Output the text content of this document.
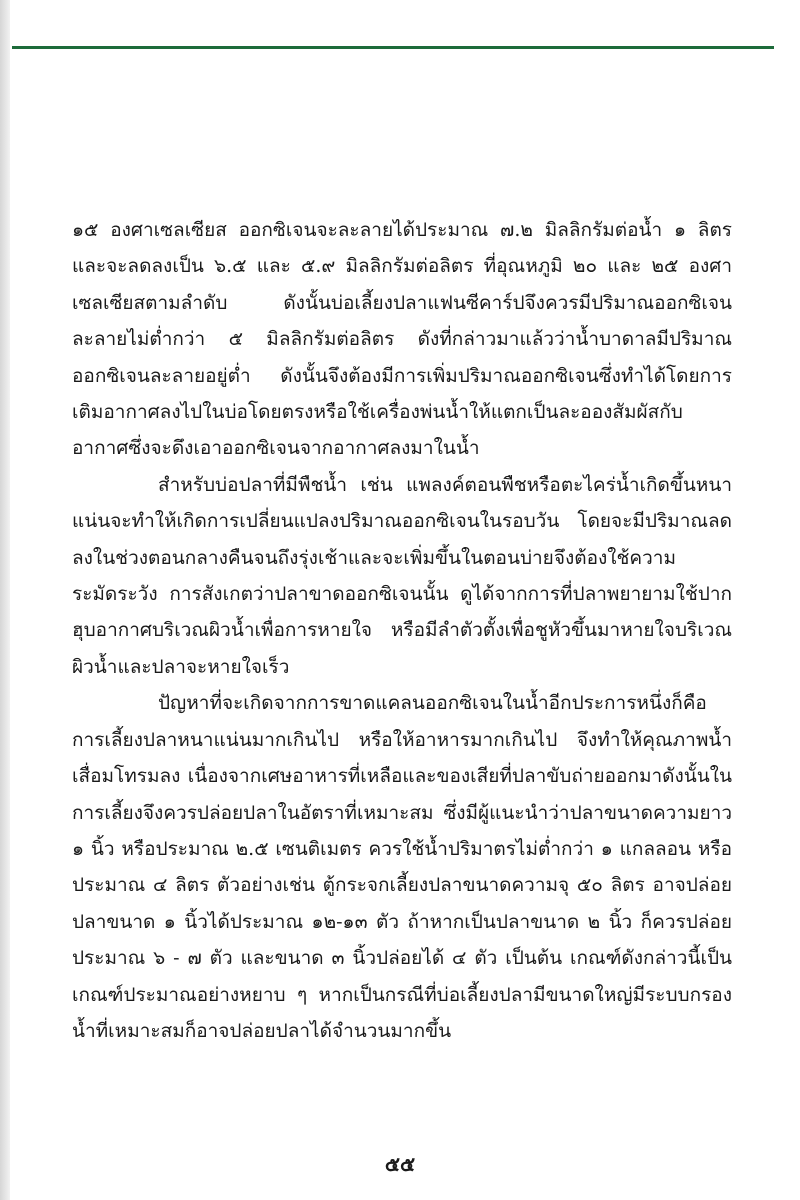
๑๕ องศาเซลเซียส ออกซิเจนจะละลายได้ประมาณ ๗.๒ มิลลิกรัมต่อน้ำ ๑ ลิตร และจะลดลงเป็น ๖.๕ และ ๕.๙ มิลลิกรัมต่อลิตร ที่อุณหภูมิ ๒๐ และ ๒๕ องศาเซลเซียสตามลำดับ ดังนั้นบ่อเลี้ยงปลาแฟนซีคาร์ปจึงควรมีปริมาณออกซิเจนละลายไม่ต่ำกว่า ๕ มิลลิกรัมต่อลิตร ดังที่กล่าวมาแล้วว่าน้ำบาดาลมีปริมาณออกซิเจนละลายอยู่ต่ำ ดังนั้นจึงต้องมีการเพิ่มปริมาณออกซิเจนซึ่งทำได้โดยการเติมอากาศลงไปในบ่อโดยตรงหรือใช้เครื่องพ่นน้ำให้แตกเป็นละอองสัมผัสกับอากาศซึ่งจะดึงเอาออกซิเจนจากอากาศลงมาในน้ำ

สำหรับบ่อปลาที่มีพืชน้ำ เช่น แพลงค์ตอนพืชหรือตะไคร่น้ำเกิดขึ้นหนาแน่นจะทำให้เกิดการเปลี่ยนแปลงปริมาณออกซิเจนในรอบวัน โดยจะมีปริมาณลดลงในช่วงตอนกลางคืนจนถึงรุ่งเช้าและจะเพิ่มขึ้นในตอนบ่ายจึงต้องใช้ความระมัดระวัง การสังเกตว่าปลาขาดออกซิเจนนั้น ดูได้จากการที่ปลาพยายามใช้ปากฮุบอากาศบริเวณผิวน้ำเพื่อการหายใจ หรือมีลำตัวตั้งเพื่อชูหัวขึ้นมาหายใจบริเวณผิวน้ำและปลาจะหายใจเร็ว

ปัญหาที่จะเกิดจากการขาดแคลนออกซิเจนในน้ำอีกประการหนึ่งก็คือการเลี้ยงปลาหนาแน่นมากเกินไป หรือให้อาหารมากเกินไป จึงทำให้คุณภาพน้ำเสื่อมโทรมลง เนื่องจากเศษอาหารที่เหลือและของเสียที่ปลาขับถ่ายออกมาดังนั้นในการเลี้ยงจึงควรปล่อยปลาในอัตราที่เหมาะสม ซึ่งมีผู้แนะนำว่าปลาขนาดความยาว ๑ นิ้ว หรือประมาณ ๒.๕ เซนติเมตร ควรใช้น้ำปริมาตรไม่ต่ำกว่า ๑ แกลลอน หรือประมาณ ๔ ลิตร ตัวอย่างเช่น ตู้กระจกเลี้ยงปลาขนาดความจุ ๕๐ ลิตร อาจปล่อยปลาขนาด ๑ นิ้วได้ประมาณ ๑๒-๑๓ ตัว ถ้าหากเป็นปลาขนาด ๒ นิ้ว ก็ควรปล่อยประมาณ ๖ - ๗ ตัว และขนาด ๓ นิ้วปล่อยได้ ๔ ตัว เป็นต้น เกณฑ์ดังกล่าวนี้เป็นเกณฑ์ประมาณอย่างหยาบ ๆ หากเป็นกรณีที่บ่อเลี้ยงปลามีขนาดใหญ่มีระบบกรองน้ำที่เหมาะสมก็อาจปล่อยปลาได้จำนวนมากขึ้น

๕๕
